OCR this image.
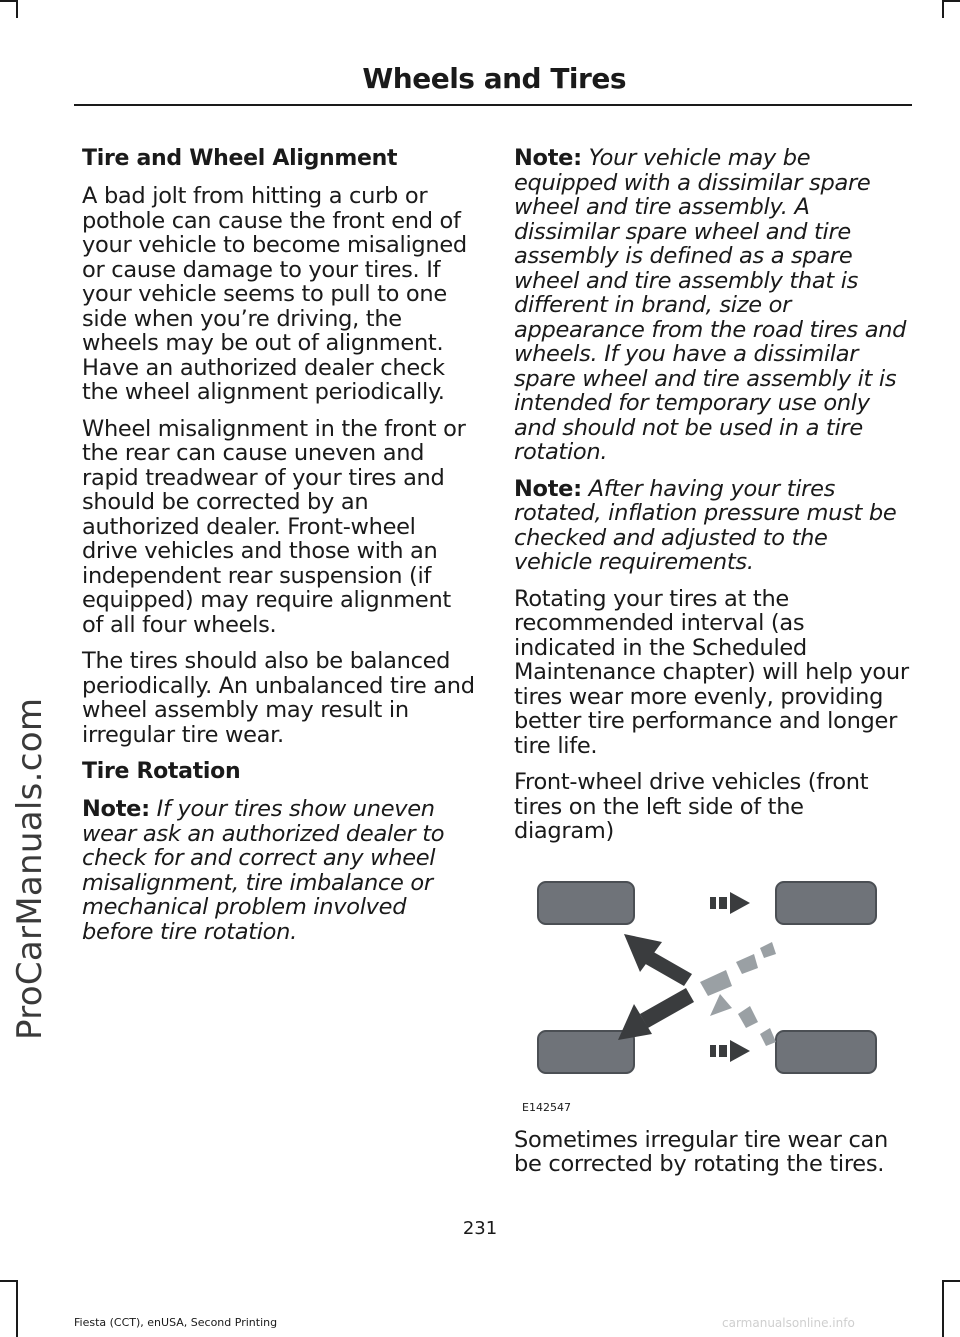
Wheels and Tires
ProCarManuals.com
Tire and Wheel Alignment

A bad jolt from hitting a curb or pothole can cause the front end of your vehicle to become misaligned or cause damage to your tires. If your vehicle seems to pull to one side when you’re driving, the wheels may be out of alignment. Have an authorized dealer check the wheel alignment periodically.

Wheel misalignment in the front or the rear can cause uneven and rapid treadwear of your tires and should be corrected by an authorized dealer. Front-wheel drive vehicles and those with an independent rear suspension (if equipped) may require alignment of all four wheels.

The tires should also be balanced periodically. An unbalanced tire and wheel assembly may result in irregular tire wear.

Tire Rotation

Note: If your tires show uneven wear ask an authorized dealer to check for and correct any wheel misalignment, tire imbalance or mechanical problem involved before tire rotation.

Note: Your vehicle may be equipped with a dissimilar spare wheel and tire assembly. A dissimilar spare wheel and tire assembly is defined as a spare wheel and tire assembly that is different in brand, size or appearance from the road tires and wheels. If you have a dissimilar spare wheel and tire assembly it is intended for temporary use only and should not be used in a tire rotation.

Note: After having your tires rotated, inflation pressure must be checked and adjusted to the vehicle requirements.

Rotating your tires at the recommended interval (as indicated in the Scheduled Maintenance chapter) will help your tires wear more evenly, providing better tire performance and longer tire life.

Front-wheel drive vehicles (front tires on the left side of the diagram)

E142547

Sometimes irregular tire wear can be corrected by rotating the tires.

231
Fiesta (CCT), enUSA, Second Printing	carmanualsonline.info
